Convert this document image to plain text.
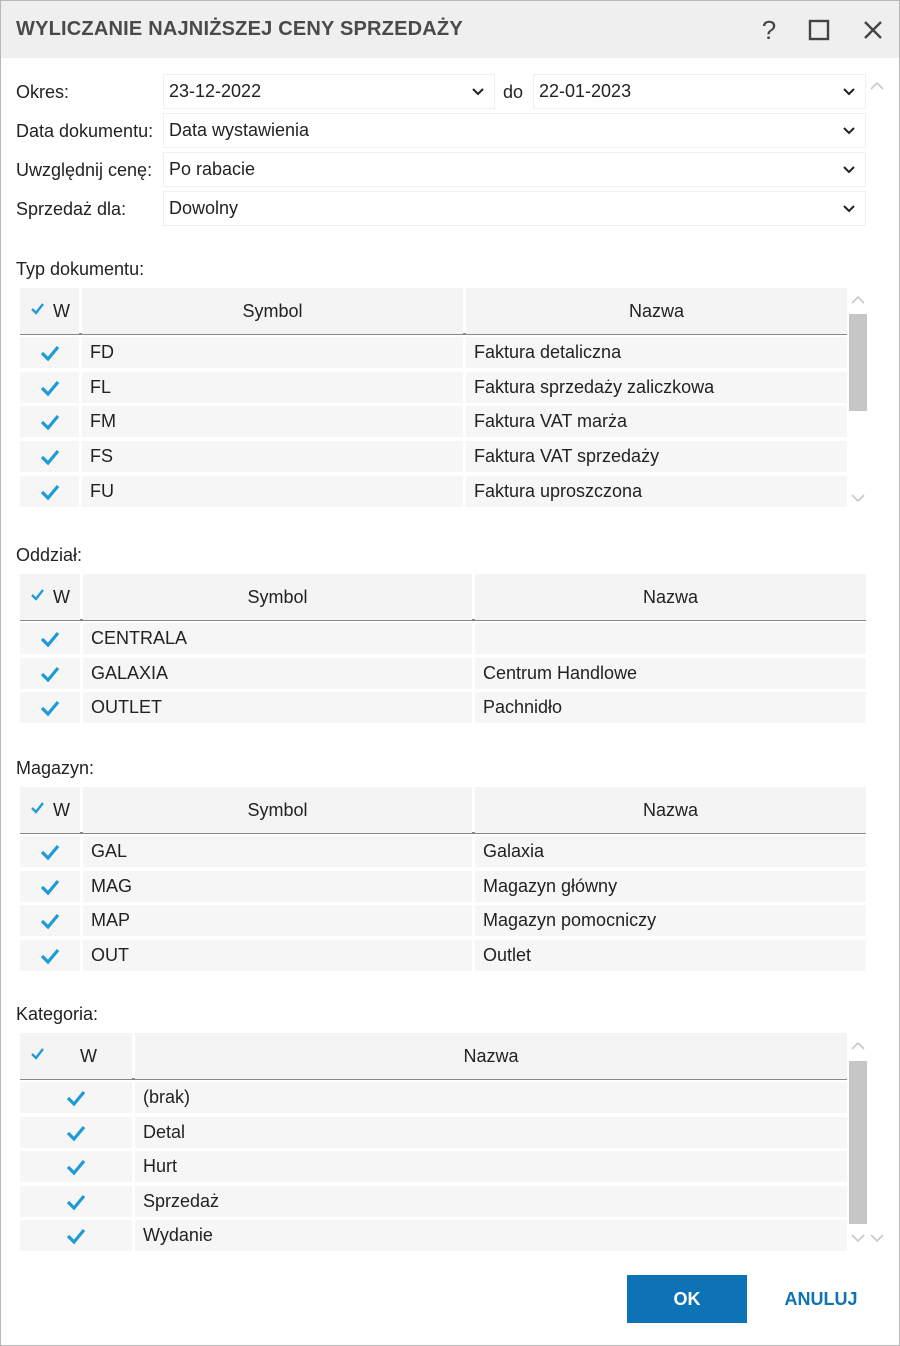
WYLICZANIE NAJNIŻSZEJ CENY SPRZEDAŻY	?
Okres:	23-12-2022	do 22-01-2023
Data dokumentu: Data wystawienia
Uwzględnij cenę: Po rabacie
Sprzedaż dla: Dowolny
Typ dokumentu:
W	Symbol	Nazwa
FD	Faktura detaliczna
FL	Faktura sprzedaży zaliczkowa
FM	Faktura VAT marża
FS	Faktura VAT sprzedaży
FU	Faktura uproszczona
Oddział:
W	Symbol	Nazwa
CENTRALA
GALAXIA	Centrum Handlowe
OUTLET	Pachnidło
Magazyn:
W	Symbol	Nazwa
GAL	Galaxia
MAG	Magazyn główny
MAP	Magazyn pomocniczy
OUT	Outlet
Kategoria:
W	Nazwa
(brak)
Detal
Hurt
Sprzedaż
Wydanie
OK	ANULUJ
